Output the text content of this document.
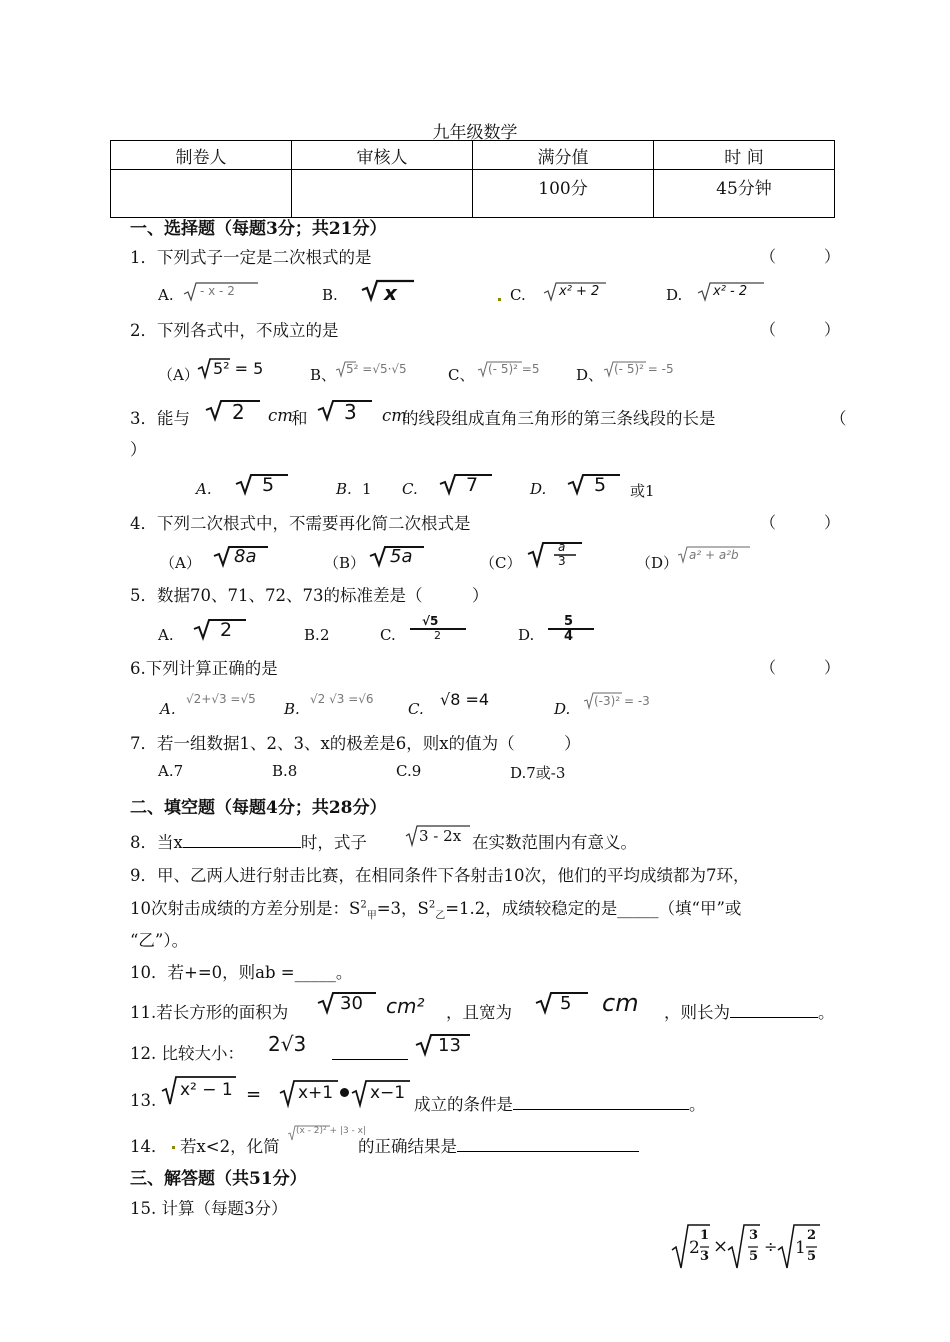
九年级数学
制卷人	审核人	满分值	时 间
		100分	45分钟
一、选择题（每题3分；共21分）
1．下列式子一定是二次根式的是	（　　　）
A. - x - 2	B. x	C.	x² + 2	D. x² - 2
2．下列各式中，不成立的是	（　　　）
（A） 5² = 5	B、 5² =√5·√5	C、 (- 5)² =5 D、 (- 5)² = -5
3．能与 2 cm
和 3 cm
的线段组成直角三角形的第三条线段的长是	（
）
A.	5	B. 1 C.	7	D.	5 或1
4．下列二次根式中，不需要再化简二次根式是	（　　　）
（A） 8a	（B） 5a	（C）
a
3	（D） a² + a²b
5．数据70、71、72、73的标准差是（　　　）
A. 2	B. 2	C.
√5
2	D.
5
4
6.下列计算正确的是	（　　　）
A.
√2+√3 =√5
B.
√2 √3 =√6
C. √8 =4	D. (-3)² = -3
7．若一组数据1、2、3、x的极差是6，则x的值为（　　　）
A.7	B.8	C.9	D.7或-3
二、填空题（每题4分；共28分）
8．当x	时，式子	3 - 2x 在实数范围内有意义。
9．甲、乙两人进行射击比赛，在相同条件下各射击10次，他们的平均成绩都为7环，
10次射击成绩的方差分别是：$S^2_甲=3$，$S^2_乙=1.2$，成绩较稳定的是_____（填“甲”或
“乙”）。
10．若+=0，则ab =_____。
11.若长方形的面积为	30 cm² ，且宽为	5 cm ，则长为	。
12. 比较大小： 2√3	13
13.
x² − 1 = x+1 x−1
成立的条件是	。
14． 若x<2，化简
(x - 2)² + |3 - x|
的正确结果是
三、解答题（共51分）
15. 计算（每题3分）
2
1
3 ×
3
5
÷ 1
2
5
